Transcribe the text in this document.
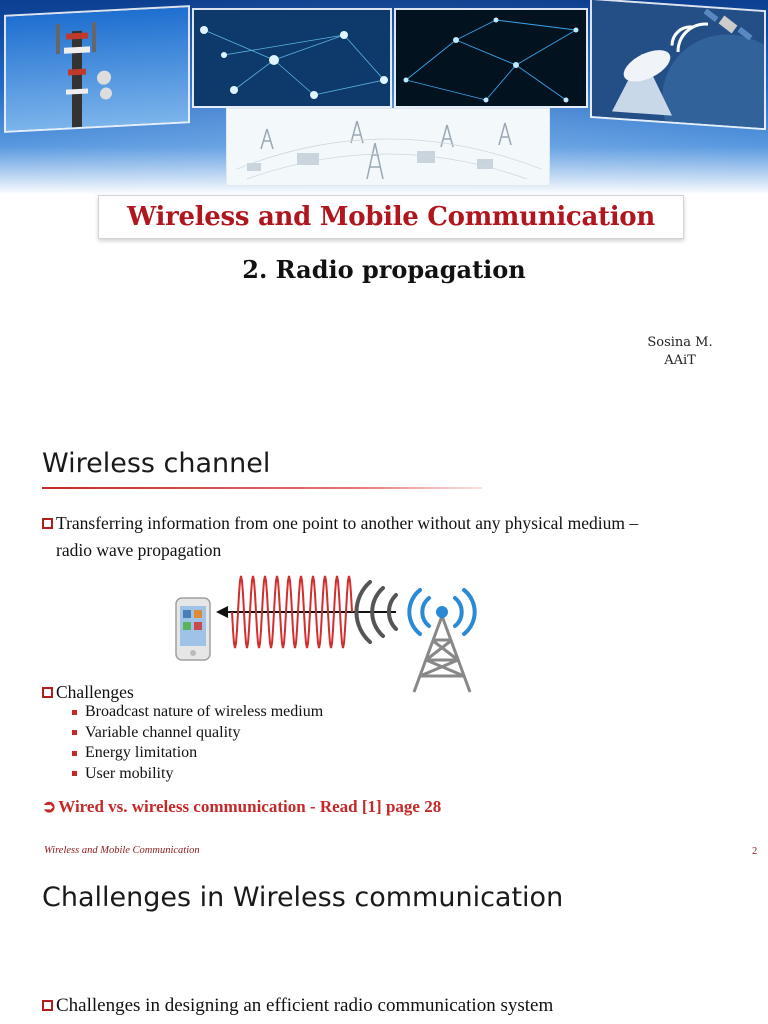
Wireless and Mobile Communication
2. Radio propagation
Sosina M.
AAiT
Wireless channel
Transferring information from one point to another without any physical medium –
radio wave propagation
Challenges
Broadcast nature of wireless medium
Variable channel quality
Energy limitation
User mobility
➲ Wired vs. wireless communication - Read [1] page 28
Wireless and Mobile Communication	2
Challenges in Wireless communication
Challenges in designing an efficient radio communication system
